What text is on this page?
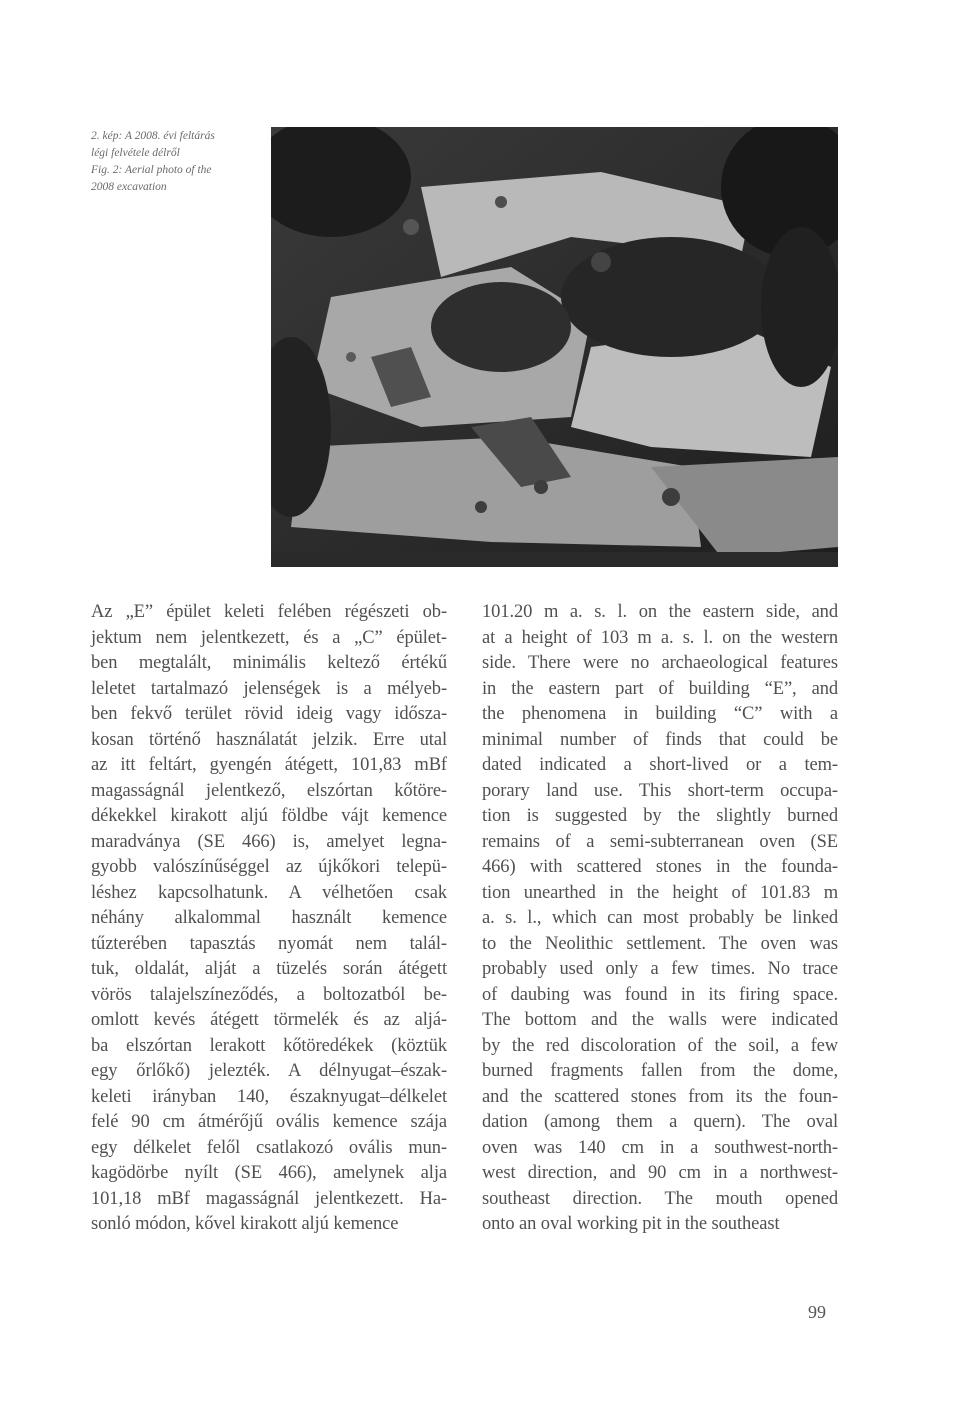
2. kép: A 2008. évi feltárás
légi felvétele délről
Fig. 2: Aerial photo of the
2008 excavation
Az „E” épület keleti felében régészeti ob-
jektum nem jelentkezett, és a „C” épület-
ben megtalált, minimális keltező értékű
leletet tartalmazó jelenségek is a mélyeb-
ben fekvő terület rövid ideig vagy idősza-
kosan történő használatát jelzik. Erre utal
az itt feltárt, gyengén átégett, 101,83 mBf
magasságnál jelentkező, elszórtan kőtöre-
dékekkel kirakott aljú földbe vájt kemence
maradványa (SE 466) is, amelyet legna-
gyobb valószínűséggel az újkőkori telepü-
léshez kapcsolhatunk. A vélhetően csak
néhány alkalommal használt kemence
tűzterében tapasztás nyomát nem talál-
tuk, oldalát, alját a tüzelés során átégett
vörös talajelszíneződés, a boltozatból be-
omlott kevés átégett törmelék és az aljá-
ba elszórtan lerakott kőtöredékek (köztük
egy őrlőkő) jelezték. A délnyugat–észak-
keleti irányban 140, északnyugat–délkelet
felé 90 cm átmérőjű ovális kemence szája
egy délkelet felől csatlakozó ovális mun-
kagödörbe nyílt (SE 466), amelynek alja
101,18 mBf magasságnál jelentkezett. Ha-
sonló módon, kővel kirakott aljú kemence
101.20 m a. s. l. on the eastern side, and
at a height of 103 m a. s. l. on the western
side. There were no archaeological features
in the eastern part of building “E”, and
the phenomena in building “C” with a
minimal number of finds that could be
dated indicated a short-lived or a tem-
porary land use. This short-term occupa-
tion is suggested by the slightly burned
remains of a semi-subterranean oven (SE
466) with scattered stones in the founda-
tion unearthed in the height of 101.83 m
a. s. l., which can most probably be linked
to the Neolithic settlement. The oven was
probably used only a few times. No trace
of daubing was found in its firing space.
The bottom and the walls were indicated
by the red discoloration of the soil, a few
burned fragments fallen from the dome,
and the scattered stones from its the foun-
dation (among them a quern). The oval
oven was 140 cm in a southwest-north-
west direction, and 90 cm in a northwest-
southeast direction. The mouth opened
onto an oval working pit in the southeast
99
